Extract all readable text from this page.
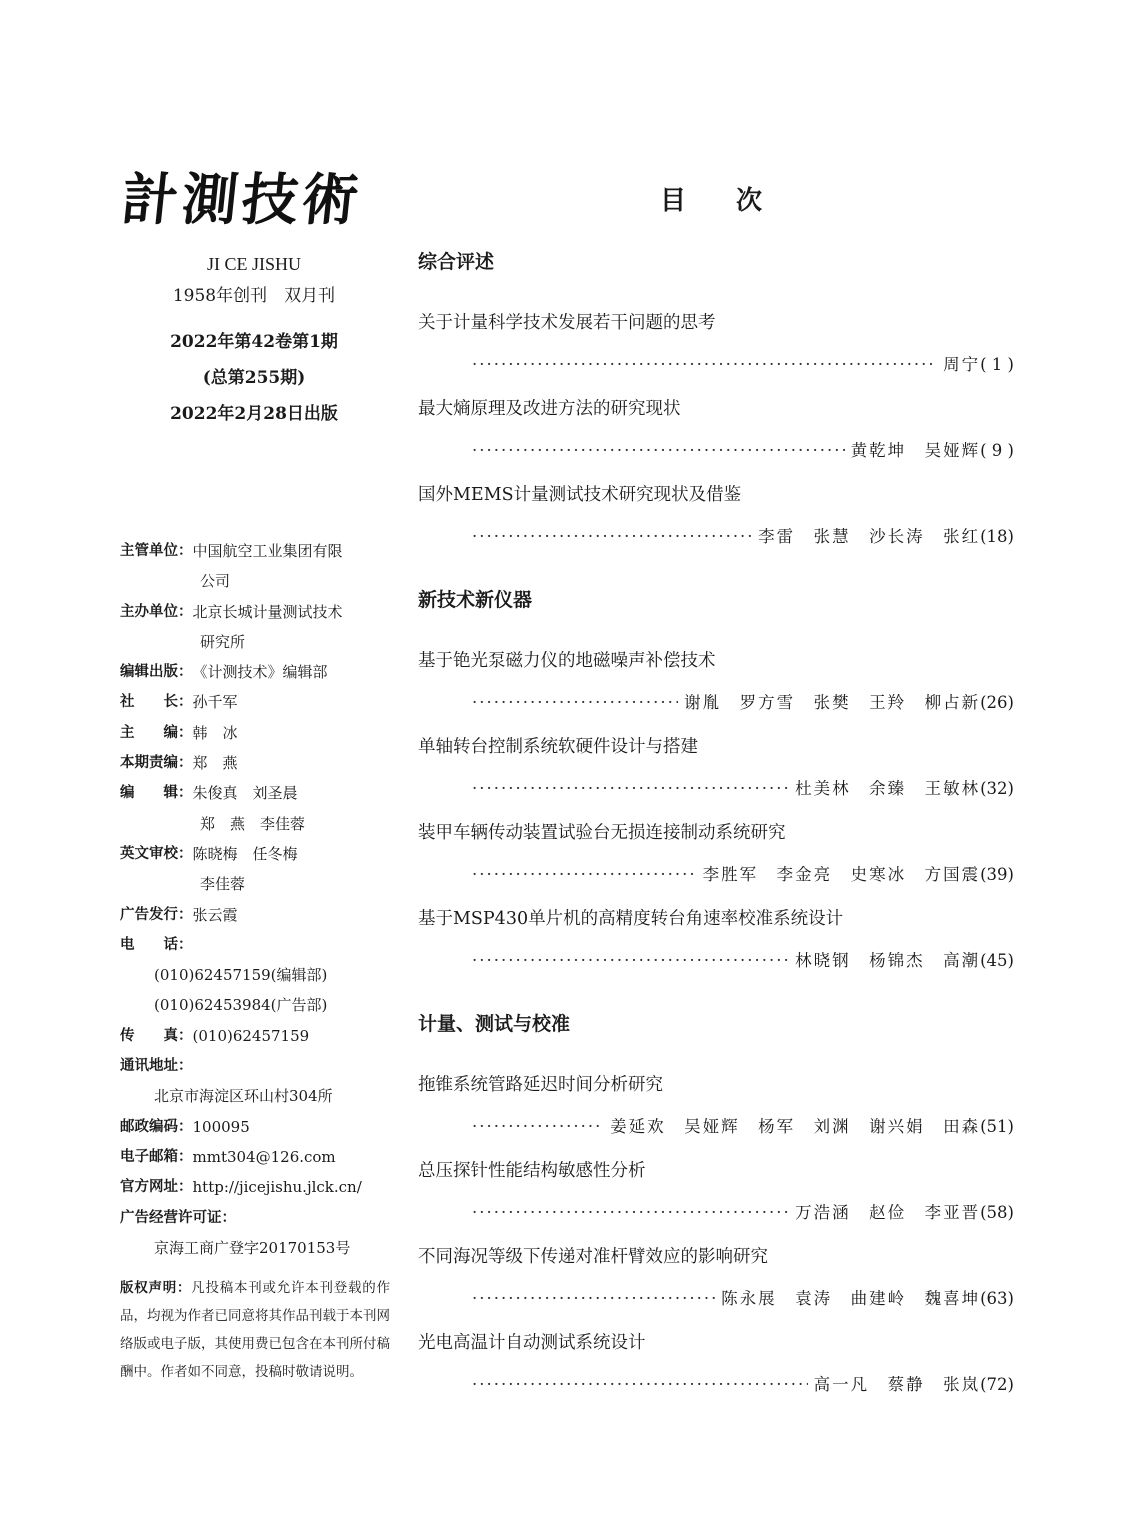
計測技術
JI CE JISHU
1958年创刊　双月刊
2022年第42卷第1期
(总第255期)
2022年2月28日出版
主管单位： 中国航空工业集团有限
公司
主办单位： 北京长城计量测试技术
研究所
编辑出版： 《计测技术》编辑部
社　　长： 孙千军
主　　编： 韩　冰
本期责编： 郑　燕
编　　辑： 朱俊真　刘圣晨
郑　燕　李佳蓉
英文审校： 陈晓梅　任冬梅
李佳蓉
广告发行： 张云霞
电　　话：
(010)62457159(编辑部)
(010)62453984(广告部)
传　　真： (010)62457159
通讯地址：
北京市海淀区环山村304所
邮政编码： 100095
电子邮箱： mmt304@126.com
官方网址： http://jicejishu.jlck.cn/
广告经营许可证：
京海工商广登字20170153号
版权声明：凡投稿本刊或允许本刊登载的作品，均视为作者已同意将其作品刊载于本刊网络版或电子版，其使用费已包含在本刊所付稿酬中。作者如不同意，投稿时敬请说明。
目次
综合评述
关于计量科学技术发展若干问题的思考
·····
周宁 ( 1 )
最大熵原理及改进方法的研究现状
·····
黄乾坤　吴娅辉 ( 9 )
国外MEMS计量测试技术研究现状及借鉴
·····
李雷　张慧　沙长涛　张红 (18)
新技术新仪器
基于铯光泵磁力仪的地磁噪声补偿技术
·····
谢胤　罗方雪　张樊　王羚　柳占新 (26)
单轴转台控制系统软硬件设计与搭建
·····
杜美林　余臻　王敏林 (32)
装甲车辆传动装置试验台无损连接制动系统研究
·····
李胜军　李金亮　史寒冰　方国震 (39)
基于MSP430单片机的高精度转台角速率校准系统设计
·····
林晓钢　杨锦杰　高潮 (45)
计量、测试与校准
拖锥系统管路延迟时间分析研究
·····
姜延欢　吴娅辉　杨军　刘渊　谢兴娟　田森 (51)
总压探针性能结构敏感性分析
·····
万浩涵　赵俭　李亚晋 (58)
不同海况等级下传递对准杆臂效应的影响研究
·····
陈永展　袁涛　曲建岭　魏喜坤 (63)
光电高温计自动测试系统设计
·····
高一凡　蔡静　张岚 (72)
